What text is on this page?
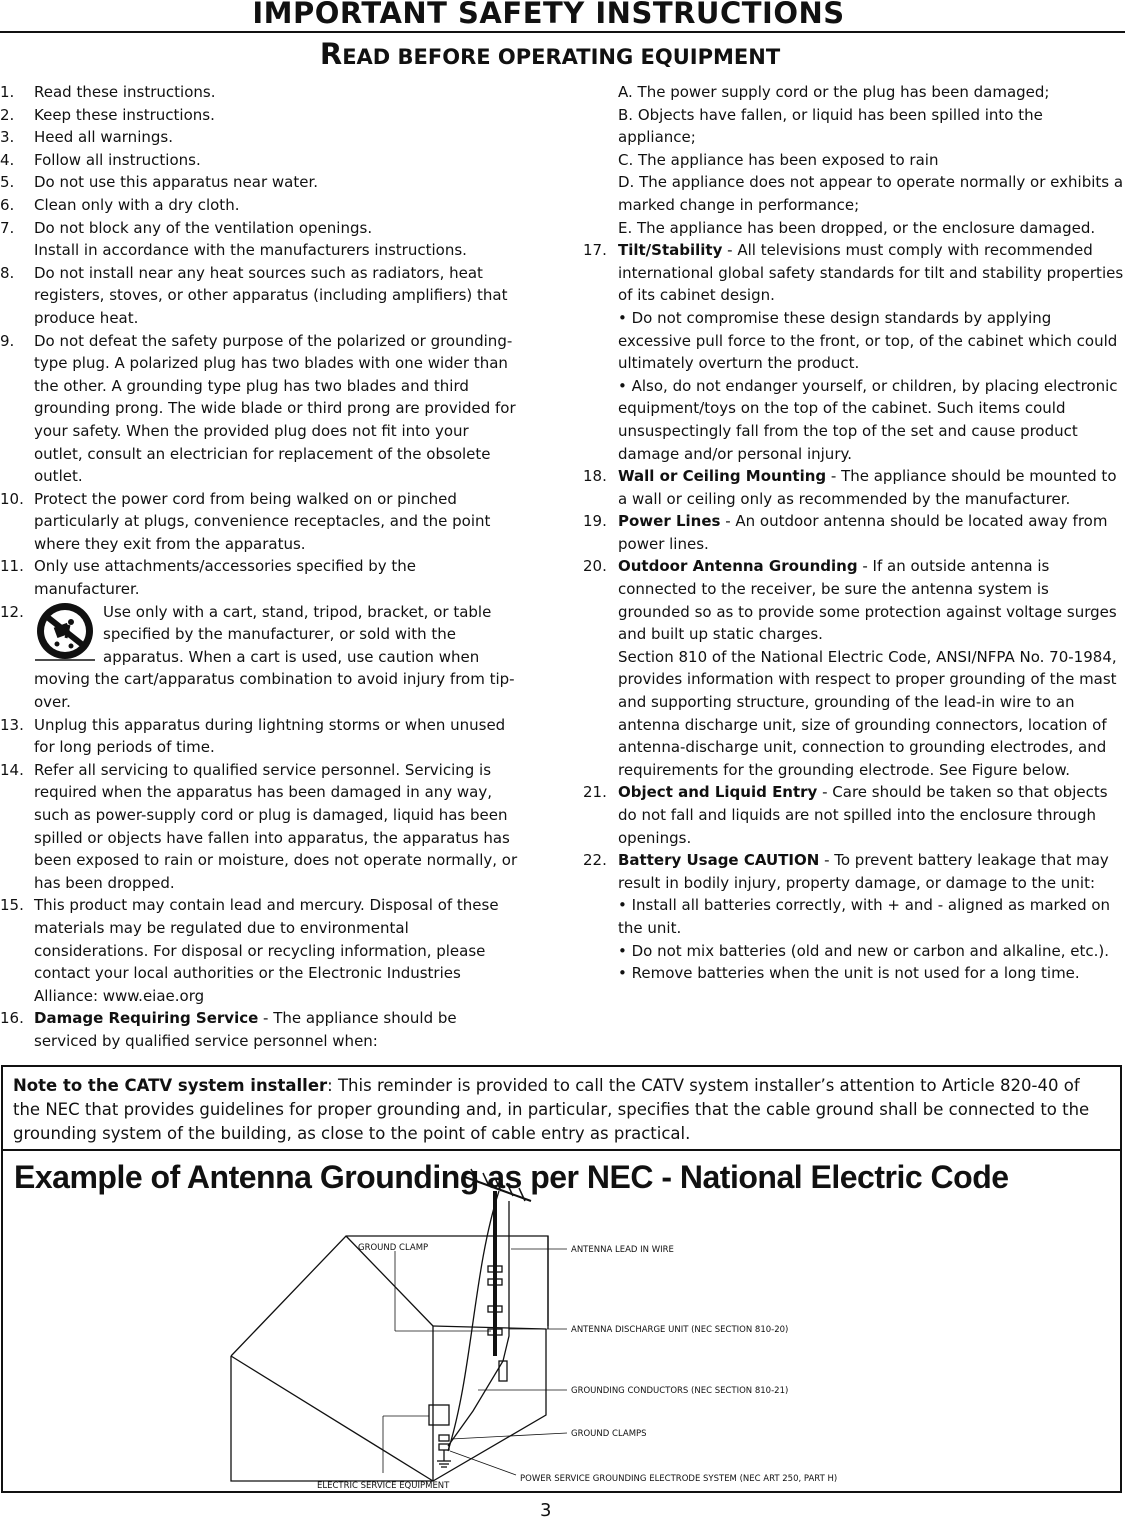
IMPORTANT SAFETY INSTRUCTIONS
READ BEFORE OPERATING EQUIPMENT
1. Read these instructions.
2. Keep these instructions.
3. Heed all warnings.
4. Follow all instructions.
5. Do not use this apparatus near water.
6. Clean only with a dry cloth.
7. Do not block any of the ventilation openings.
Install in accordance with the manufacturers instructions.
8. Do not install near any heat sources such as radiators, heat registers, stoves, or other apparatus (including amplifiers) that produce heat.
9. Do not defeat the safety purpose of the polarized or grounding-type plug. A polarized plug has two blades with one wider than the other. A grounding type plug has two blades and third grounding prong. The wide blade or third prong are provided for your safety. When the provided plug does not fit into your outlet, consult an electrician for replacement of the obsolete outlet.
10. Protect the power cord from being walked on or pinched particularly at plugs, convenience receptacles, and the point where they exit from the apparatus.
11. Only use attachments/accessories specified by the manufacturer.
12.	Use only with a cart, stand, tripod, bracket, or table specified by the manufacturer, or sold with the apparatus. When a cart is used, use caution when
moving the cart/apparatus combination to avoid injury from tip-over.
13. Unplug this apparatus during lightning storms or when unused for long periods of time.
14. Refer all servicing to qualified service personnel. Servicing is required when the apparatus has been damaged in any way, such as power-supply cord or plug is damaged, liquid has been spilled or objects have fallen into apparatus, the apparatus has been exposed to rain or moisture, does not operate normally, or has been dropped.
15. This product may contain lead and mercury. Disposal of these materials may be regulated due to environmental considerations. For disposal or recycling information, please contact your local authorities or the Electronic Industries Alliance: www.eiae.org
16. Damage Requiring Service - The appliance should be serviced by qualified service personnel when:
A. The power supply cord or the plug has been damaged;
B. Objects have fallen, or liquid has been spilled into the appliance;
C. The appliance has been exposed to rain
D. The appliance does not appear to operate normally or exhibits a marked change in performance;
E. The appliance has been dropped, or the enclosure damaged.
17. Tilt/Stability - All televisions must comply with recommended international global safety standards for tilt and stability properties of its cabinet design.
• Do not compromise these design standards by applying excessive pull force to the front, or top, of the cabinet which could ultimately overturn the product.
• Also, do not endanger yourself, or children, by placing electronic equipment/toys on the top of the cabinet. Such items could unsuspectingly fall from the top of the set and cause product damage and/or personal injury.
18. Wall or Ceiling Mounting - The appliance should be mounted to a wall or ceiling only as recommended by the manufacturer.
19. Power Lines - An outdoor antenna should be located away from power lines.
20. Outdoor Antenna Grounding - If an outside antenna is connected to the receiver, be sure the antenna system is grounded so as to provide some protection against voltage surges and built up static charges.
Section 810 of the National Electric Code, ANSI/NFPA No. 70-1984, provides information with respect to proper grounding of the mast and supporting structure, grounding of the lead-in wire to an antenna discharge unit, size of grounding connectors, location of antenna-discharge unit, connection to grounding electrodes, and requirements for the grounding electrode. See Figure below.
21. Object and Liquid Entry - Care should be taken so that objects do not fall and liquids are not spilled into the enclosure through openings.
22. Battery Usage CAUTION - To prevent battery leakage that may result in bodily injury, property damage, or damage to the unit:
• Install all batteries correctly, with + and - aligned as marked on the unit.
• Do not mix batteries (old and new or carbon and alkaline, etc.).
• Remove batteries when the unit is not used for a long time.
Note to the CATV system installer: This reminder is provided to call the CATV system installer’s attention to Article 820-40 of the NEC that provides guidelines for proper grounding and, in particular, specifies that the cable ground shall be connected to the grounding system of the building, as close to the point of cable entry as practical.
Example of Antenna Grounding as per NEC - National Electric Code
GROUND CLAMP	ANTENNA LEAD IN WIRE
ANTENNA DISCHARGE UNIT (NEC SECTION 810-20)
GROUNDING CONDUCTORS (NEC SECTION 810-21)
GROUND CLAMPS
ELECTRIC SERVICE EQUIPMENT
POWER SERVICE GROUNDING ELECTRODE SYSTEM (NEC ART 250, PART H)
3
